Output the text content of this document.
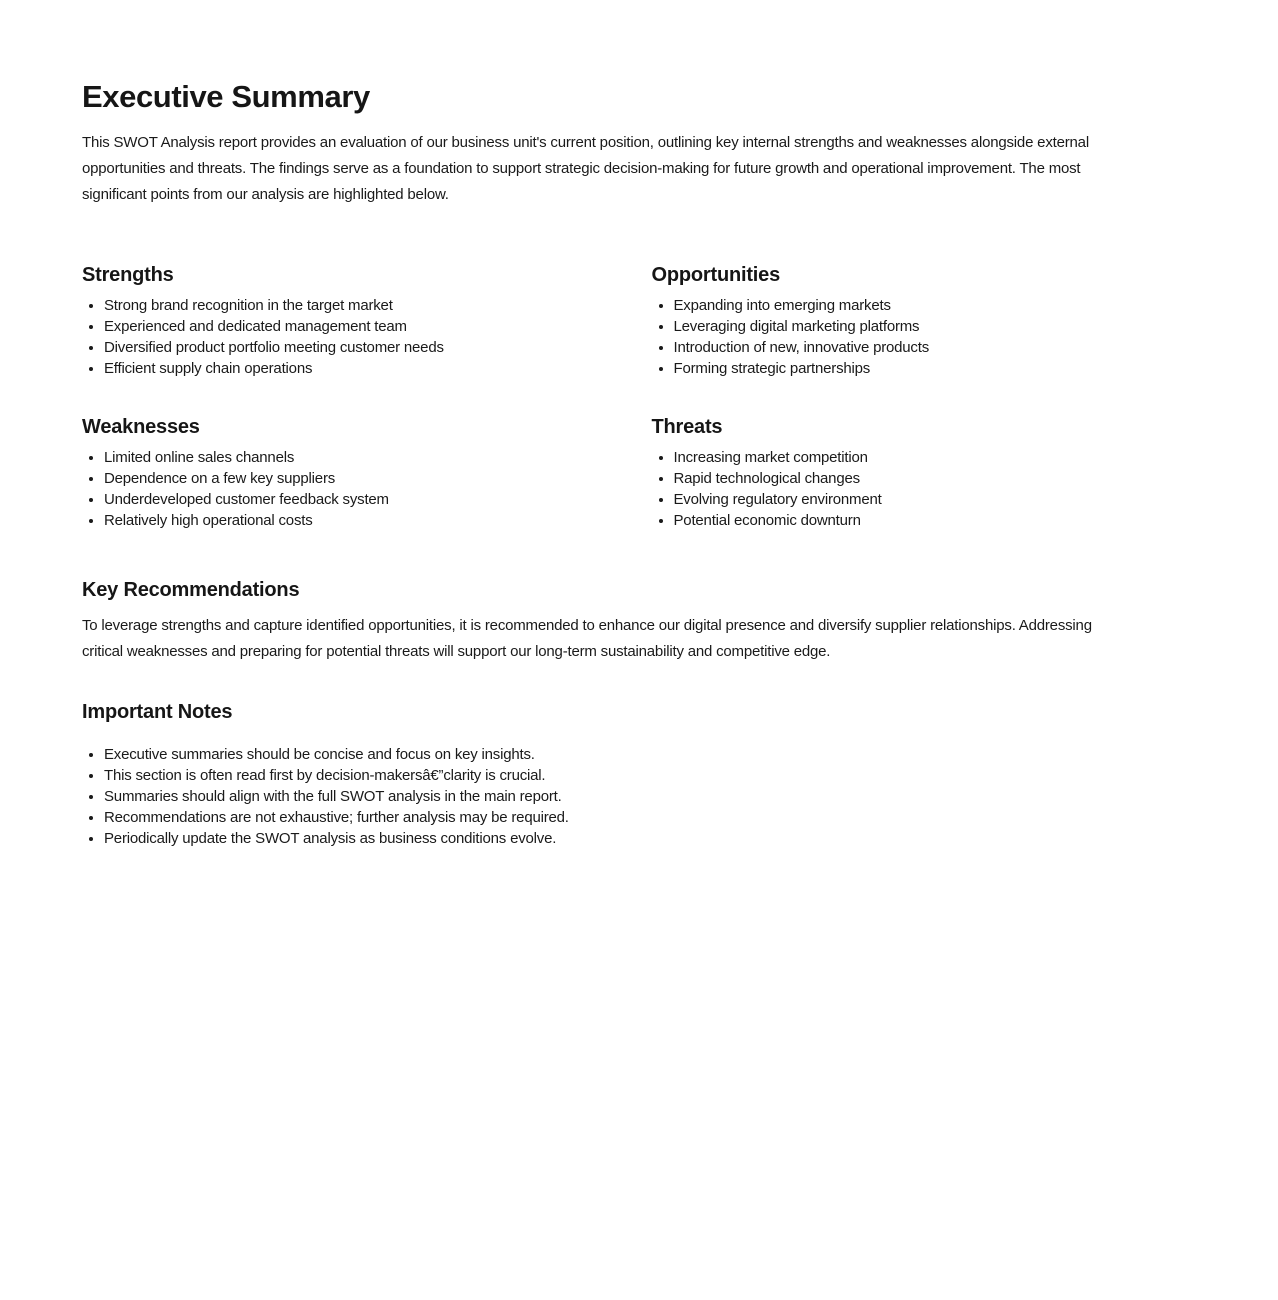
Executive Summary
This SWOT Analysis report provides an evaluation of our business unit's current position, outlining key internal strengths and weaknesses alongside external
opportunities and threats. The findings serve as a foundation to support strategic decision-making for future growth and operational improvement. The most
significant points from our analysis are highlighted below.
Strengths
• Strong brand recognition in the target market
• Experienced and dedicated management team
• Diversified product portfolio meeting customer needs
• Efficient supply chain operations
Opportunities
• Expanding into emerging markets
• Leveraging digital marketing platforms
• Introduction of new, innovative products
• Forming strategic partnerships
Weaknesses
• Limited online sales channels
• Dependence on a few key suppliers
• Underdeveloped customer feedback system
• Relatively high operational costs
Threats
• Increasing market competition
• Rapid technological changes
• Evolving regulatory environment
• Potential economic downturn
Key Recommendations
To leverage strengths and capture identified opportunities, it is recommended to enhance our digital presence and diversify supplier relationships. Addressing
critical weaknesses and preparing for potential threats will support our long-term sustainability and competitive edge.
Important Notes
• Executive summaries should be concise and focus on key insights.
• This section is often read first by decision-makersâ€”clarity is crucial.
• Summaries should align with the full SWOT analysis in the main report.
• Recommendations are not exhaustive; further analysis may be required.
• Periodically update the SWOT analysis as business conditions evolve.
